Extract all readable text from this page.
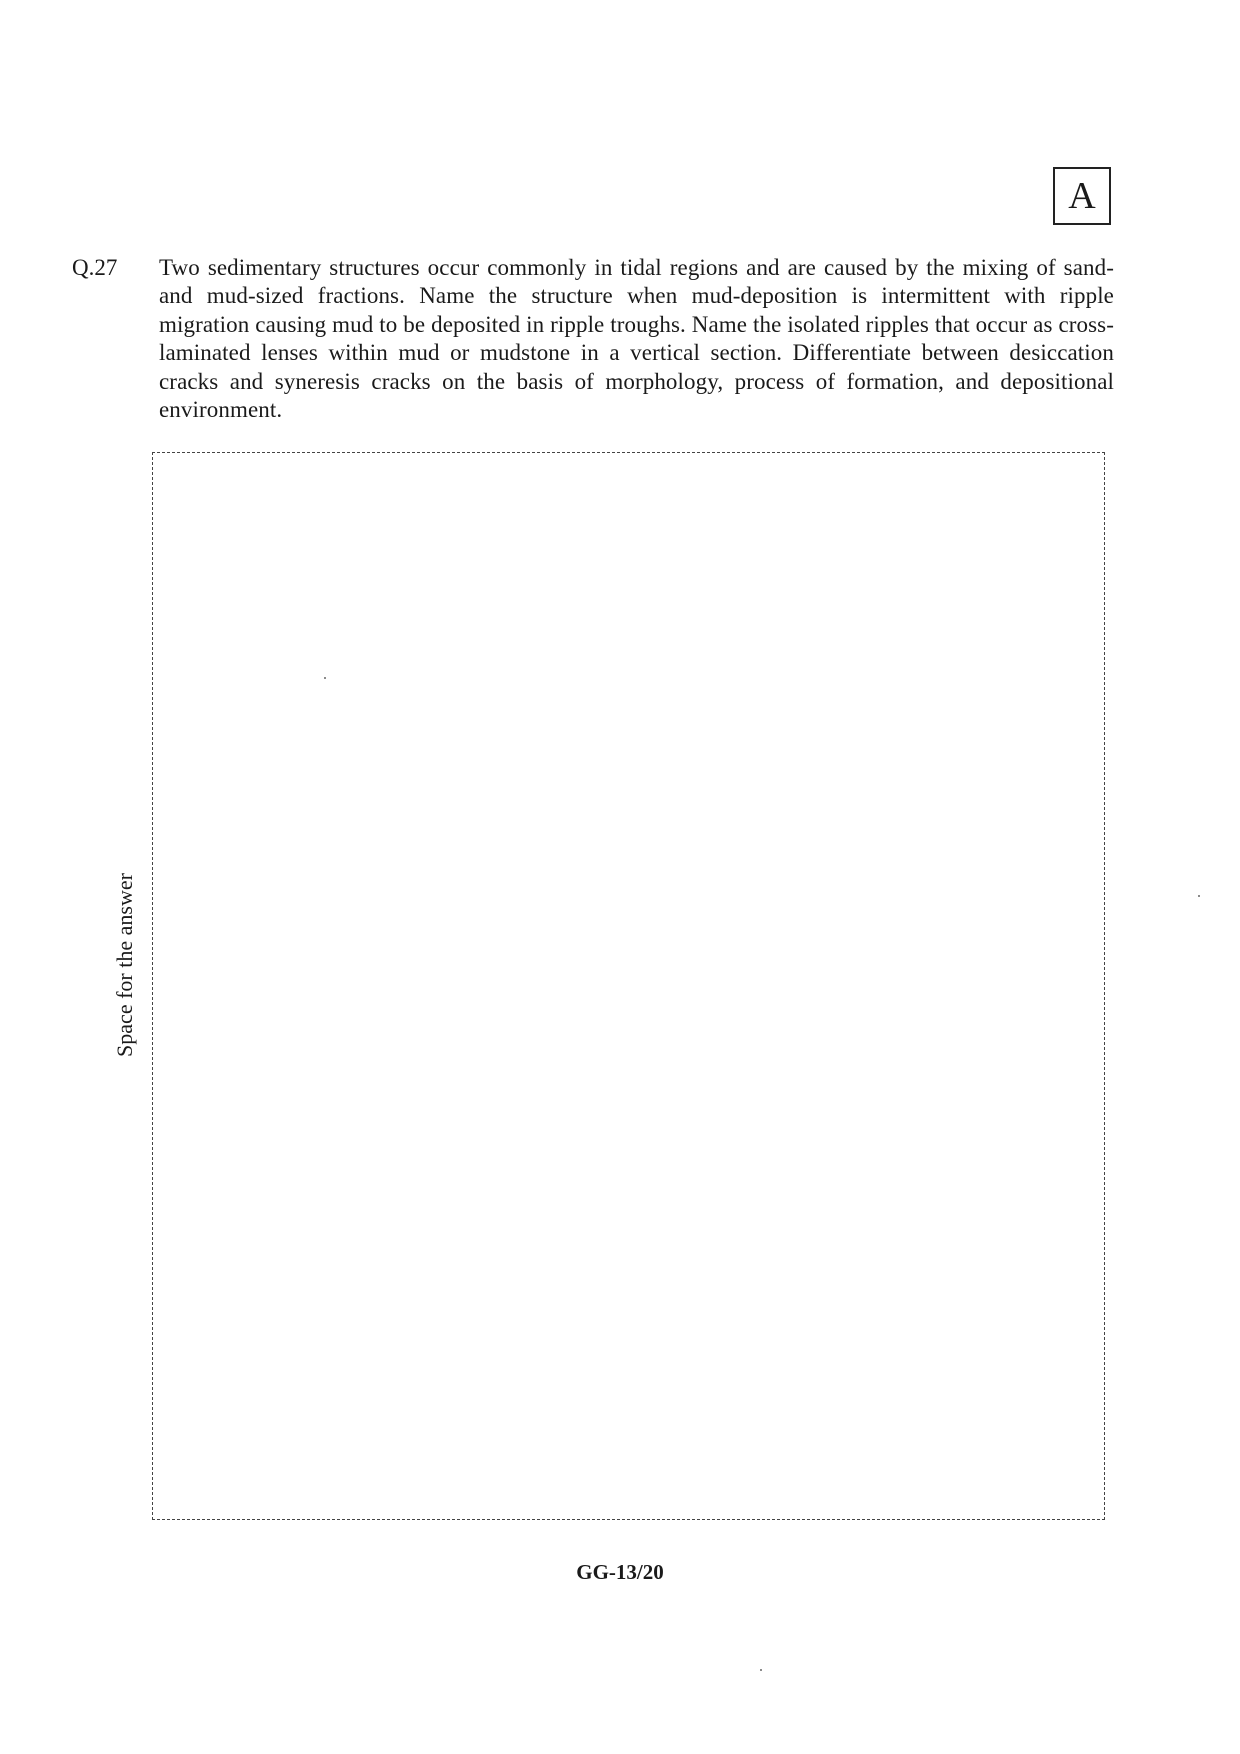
A
Q.27 Two sedimentary structures occur commonly in tidal regions and are caused by the mixing of sand- and mud-sized fractions. Name the structure when mud-deposition is intermittent with ripple migration causing mud to be deposited in ripple troughs. Name the isolated ripples that occur as cross-laminated lenses within mud or mudstone in a vertical section. Differentiate between desiccation cracks and syneresis cracks on the basis of morphology, process of formation, and depositional environment.
Space for the answer
GG-13/20
